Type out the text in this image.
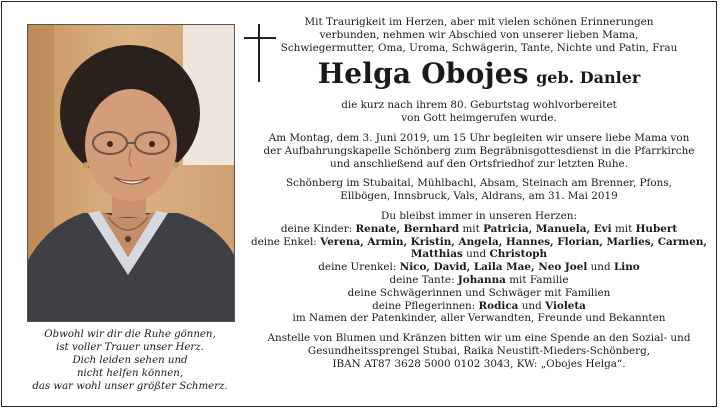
Obwohl wir dir die Ruhe gönnen,
ist voller Trauer unser Herz.
Dich leiden sehen und
nicht helfen können,
das war wohl unser größter Schmerz.
Mit Traurigkeit im Herzen, aber mit vielen schönen Erinnerungen
verbunden, nehmen wir Abschied von unserer lieben Mama,
Schwiegermutter, Oma, Uroma, Schwägerin, Tante, Nichte und Patin, Frau
Helga Obojes geb. Danler
die kurz nach ihrem 80. Geburtstag wohlvorbereitet
von Gott heimgerufen wurde.
Am Montag, dem 3. Juni 2019, um 15 Uhr begleiten wir unsere liebe Mama von
der Aufbahrungskapelle Schönberg zum Begräbnisgottesdienst in die Pfarrkirche
und anschließend auf den Ortsfriedhof zur letzten Ruhe.
Schönberg im Stubaital, Mühlbachl, Absam, Steinach am Brenner, Pfons,
Ellbögen, Innsbruck, Vals, Aldrans, am 31. Mai 2019
Du bleibst immer in unseren Herzen:
deine Kinder: Renate, Bernhard mit Patricia, Manuela, Evi mit Hubert
deine Enkel: Verena, Armin, Kristin, Angela, Hannes, Florian, Marlies, Carmen,
Matthias und Christoph
deine Urenkel: Nico, David, Laila Mae, Neo Joel und Lino
deine Tante: Johanna mit Familie
deine Schwägerinnen und Schwäger mit Familien
deine Pflegerinnen: Rodica und Violeta
im Namen der Patenkinder, aller Verwandten, Freunde und Bekannten
Anstelle von Blumen und Kränzen bitten wir um eine Spende an den Sozial- und
Gesundheitssprengel Stubai, Raika Neustift-Mieders-Schönberg,
IBAN AT87 3628 5000 0102 3043, KW: „Obojes Helga“.
